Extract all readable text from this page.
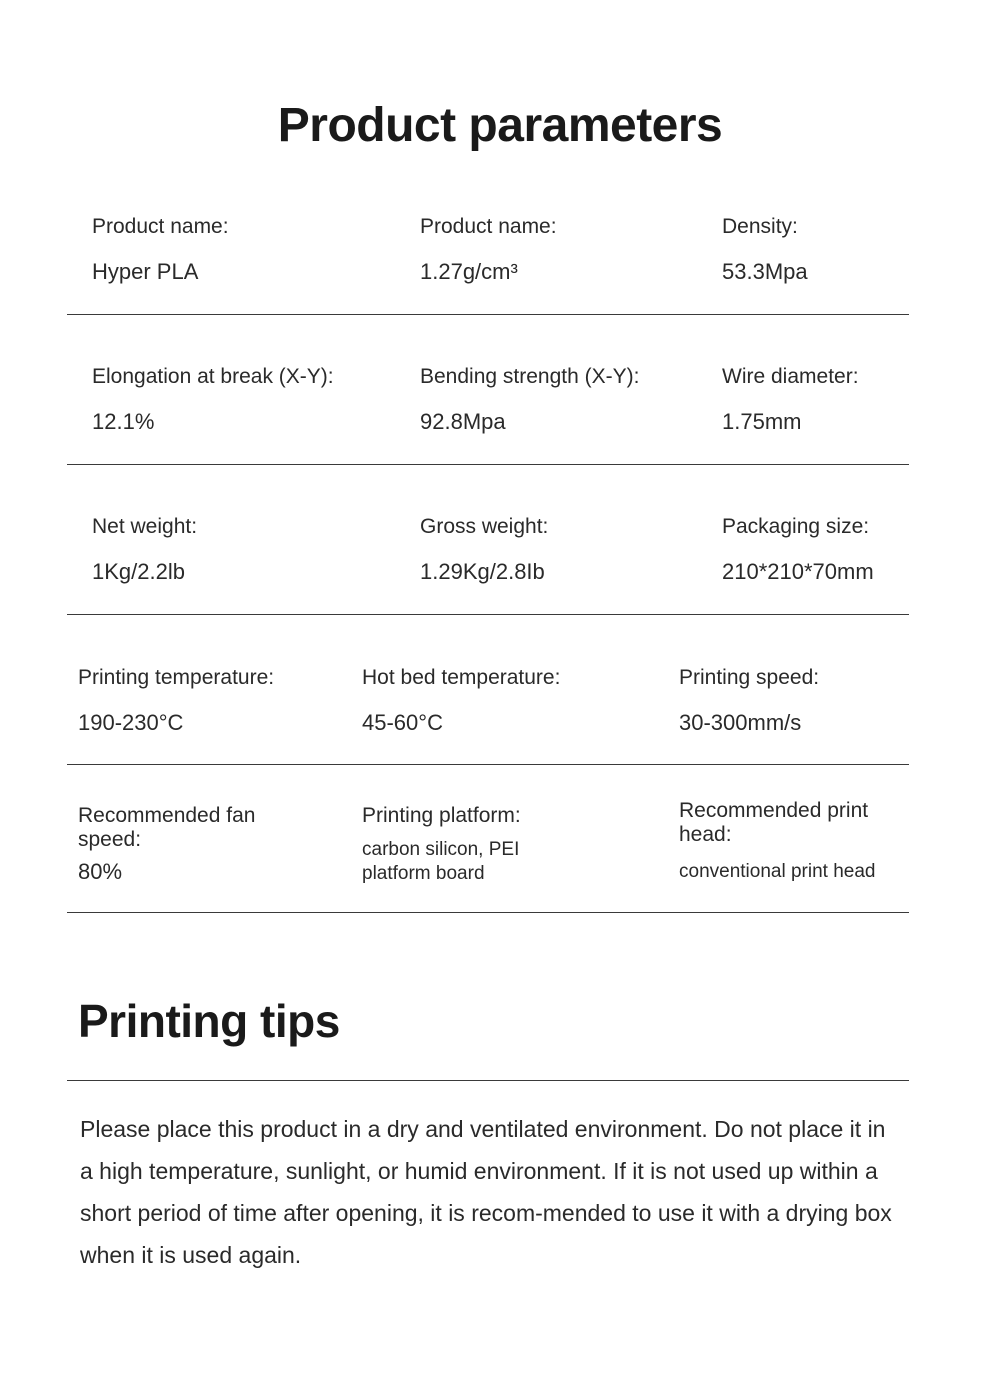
Product parameters
Product name:
Hyper PLA
Product name:
1.27g/cm³
Density:
53.3Mpa
Elongation at break (X-Y):
12.1%
Bending strength (X-Y):
92.8Mpa
Wire diameter:
1.75mm
Net weight:
1Kg/2.2lb
Gross weight:
1.29Kg/2.8Ib
Packaging size:
210*210*70mm
Printing temperature:
190-230°C
Hot bed temperature:
45-60°C
Printing speed:
30-300mm/s
Recommended fan speed:
80%
Printing platform:
carbon silicon, PEI platform board
Recommended print head:
conventional print head
Printing tips

Please place this product in a dry and ventilated environment. Do not place it in a high temperature, sunlight, or humid environment. If it is not used up within a short period of time after opening, it is recom-mended to use it with a drying box when it is used again.
